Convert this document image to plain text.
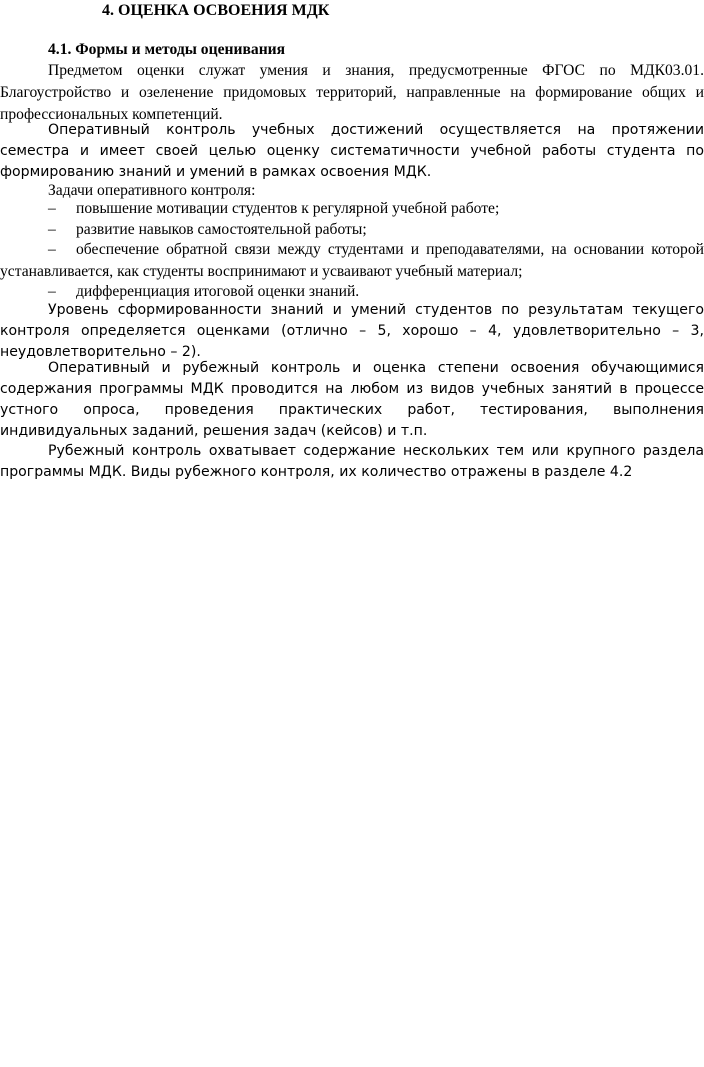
4. ОЦЕНКА ОСВОЕНИЯ МДК
4.1. Формы и методы оценивания

Предметом оценки служат умения и знания, предусмотренные ФГОС по МДК03.01. Благоустройство и озеленение придомовых территорий, направленные на формирование общих и профессиональных компетенций.

Оперативный контроль учебных достижений осуществляется на протяжении семестра и имеет своей целью оценку систематичности учебной работы студента по формированию знаний и умений в рамках освоения МДК.

Задачи оперативного контроля:

– повышение мотивации студентов к регулярной учебной работе;

– развитие навыков самостоятельной работы;

– обеспечение обратной связи между студентами и преподавателями, на основании которой устанавливается, как студенты воспринимают и усваивают учебный материал;

– дифференциация итоговой оценки знаний.

Уровень сформированности знаний и умений студентов по результатам текущего контроля определяется оценками (отлично – 5, хорошо – 4, удовлетворительно – 3, неудовлетворительно – 2).

Оперативный и рубежный контроль и оценка степени освоения обучающимися содержания программы МДК проводится на любом из видов учебных занятий в процессе устного опроса, проведения практических работ, тестирования, выполнения индивидуальных заданий, решения задач (кейсов) и т.п.

Рубежный контроль охватывает содержание нескольких тем или крупного раздела программы МДК. Виды рубежного контроля, их количество отражены в разделе 4.2
